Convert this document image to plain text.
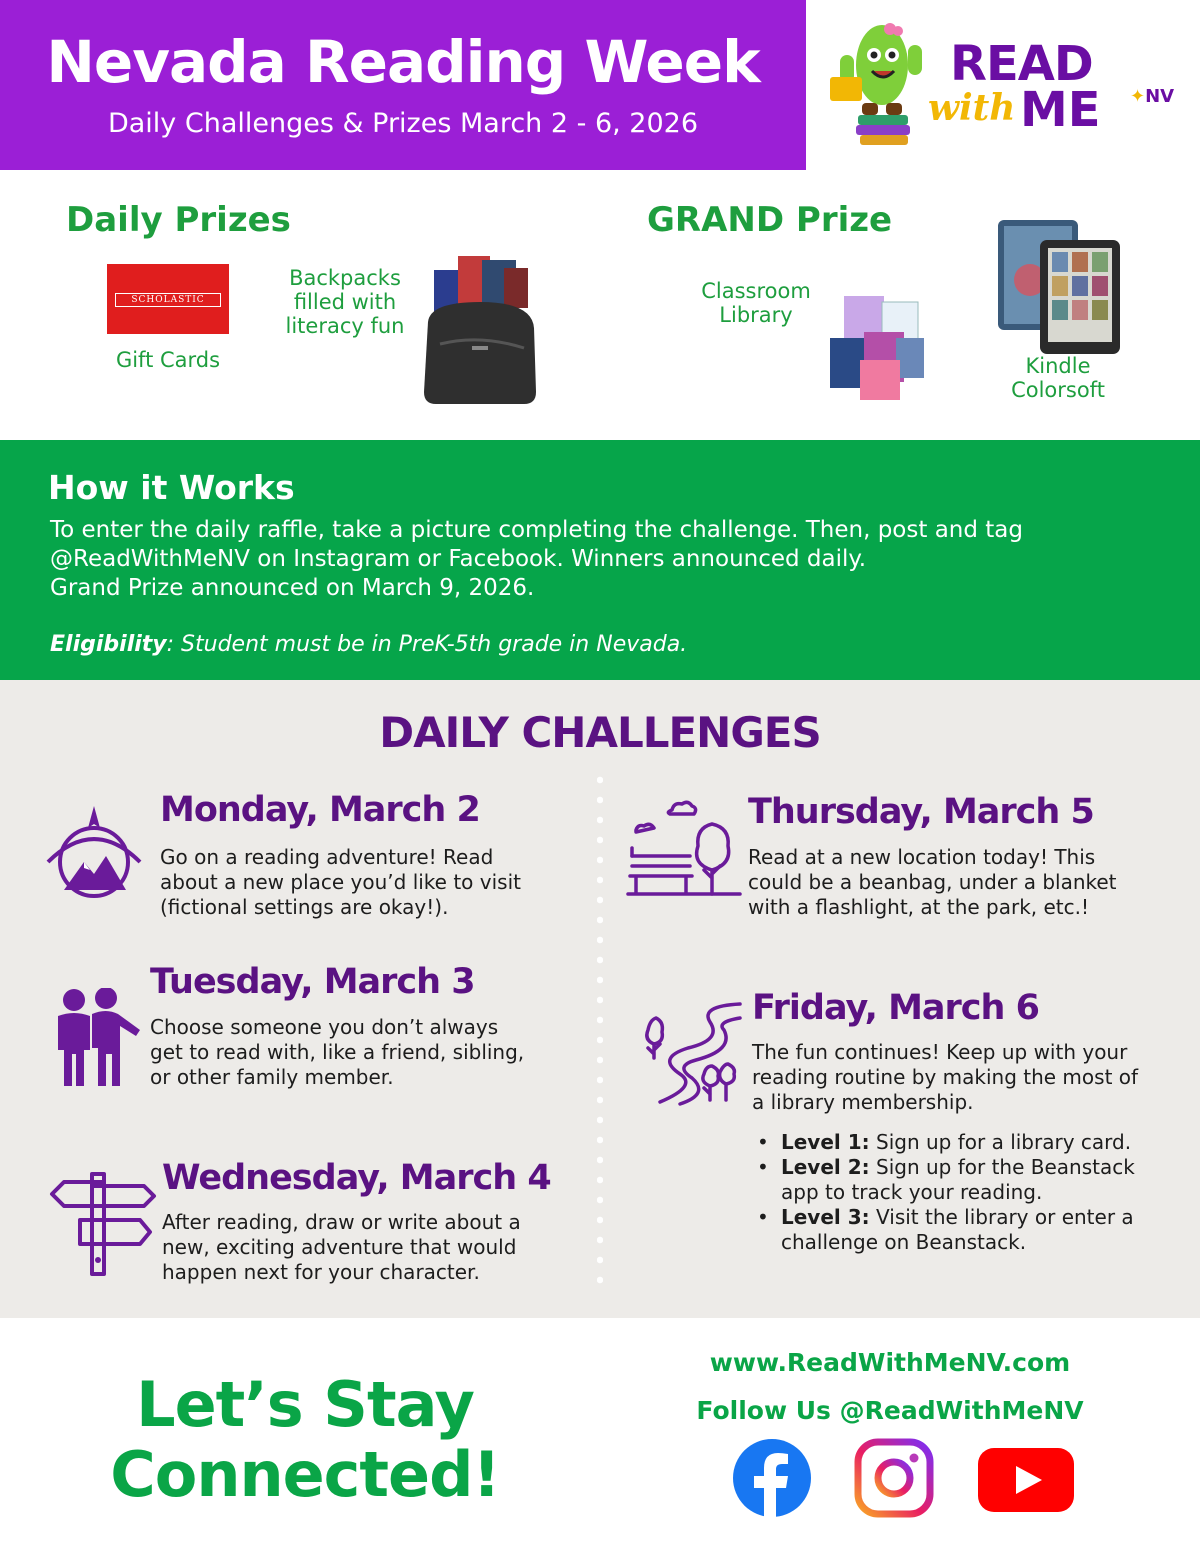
Nevada Reading Week
Daily Challenges & Prizes March 2 - 6, 2026
READ
with ME ✦NV
Daily Prizes
SCHOLASTIC
Gift Cards
Backpacks
filled with
literacy fun
GRAND Prize
Classroom
Library
Kindle
Colorsoft
How it Works
To enter the daily raffle, take a picture completing the challenge. Then, post and tag
@ReadWithMeNV on Instagram or Facebook. Winners announced daily.
Grand Prize announced on March 9, 2026.
Eligibility: Student must be in PreK-5th grade in Nevada.
DAILY CHALLENGES
Monday, March 2
Go on a reading adventure! Read
about a new place you’d like to visit
(fictional settings are okay!).
Tuesday, March 3
Choose someone you don’t always
get to read with, like a friend, sibling,
or other family member.
Wednesday, March 4
After reading, draw or write about a
new, exciting adventure that would
happen next for your character.
Thursday, March 5
Read at a new location today! This
could be a beanbag, under a blanket
with a flashlight, at the park, etc.!
Friday, March 6
The fun continues! Keep up with your
reading routine by making the most of
a library membership.
• Level 1: Sign up for a library card.
• Level 2: Sign up for the Beanstack app to track your reading.
• Level 3: Visit the library or enter a challenge on Beanstack.
Let’s Stay
Connected!
www.ReadWithMeNV.com
Follow Us @ReadWithMeNV
